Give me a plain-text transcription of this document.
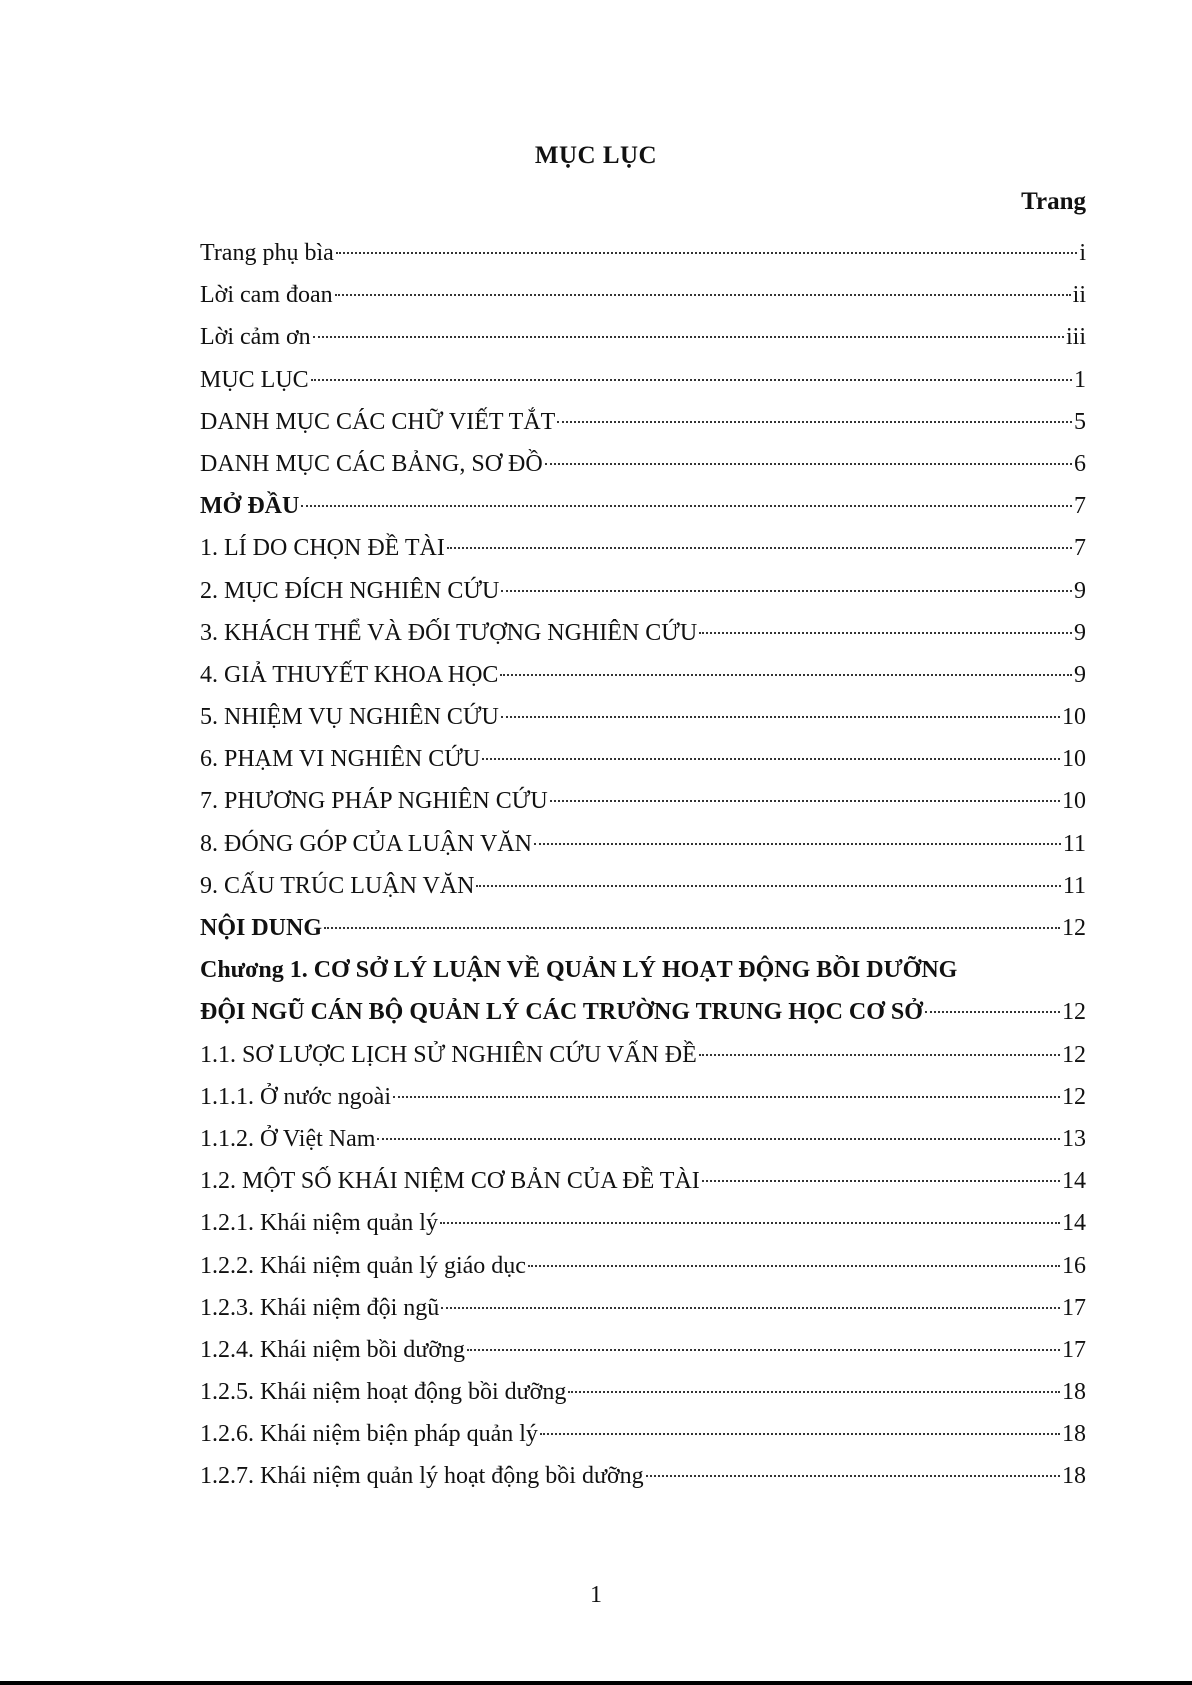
MỤC LỤC
Trang
Trang phụ bìa	i
Lời cam đoan	ii
Lời cảm ơn	iii
MỤC LỤC	1
DANH MỤC CÁC CHỮ VIẾT TẮT	5
DANH MỤC CÁC BẢNG, SƠ ĐỒ	6
MỞ ĐẦU	7
1. LÍ DO CHỌN ĐỀ TÀI	7
2. MỤC ĐÍCH NGHIÊN CỨU	9
3. KHÁCH THỂ VÀ ĐỐI TƯỢNG NGHIÊN CỨU	9
4. GIẢ THUYẾT KHOA HỌC	9
5. NHIỆM VỤ NGHIÊN CỨU	10
6. PHẠM VI NGHIÊN CỨU	10
7. PHƯƠNG PHÁP NGHIÊN CỨU	10
8. ĐÓNG GÓP CỦA LUẬN VĂN	11
9. CẤU TRÚC LUẬN VĂN	11
NỘI DUNG	12
Chương 1. CƠ SỞ LÝ LUẬN VỀ QUẢN LÝ HOẠT ĐỘNG BỒI DƯỠNG
ĐỘI NGŨ CÁN BỘ QUẢN LÝ CÁC TRƯỜNG TRUNG HỌC CƠ SỞ	12
1.1. SƠ LƯỢC LỊCH SỬ NGHIÊN CỨU VẤN ĐỀ	12
1.1.1. Ở nước ngoài	12
1.1.2. Ở Việt Nam	13
1.2. MỘT SỐ KHÁI NIỆM CƠ BẢN CỦA ĐỀ TÀI	14
1.2.1. Khái niệm quản lý	14
1.2.2. Khái niệm quản lý giáo dục	16
1.2.3. Khái niệm đội ngũ	17
1.2.4. Khái niệm bồi dưỡng	17
1.2.5. Khái niệm hoạt động bồi dưỡng	18
1.2.6. Khái niệm biện pháp quản lý	18
1.2.7. Khái niệm quản lý hoạt động bồi dưỡng	18
1
